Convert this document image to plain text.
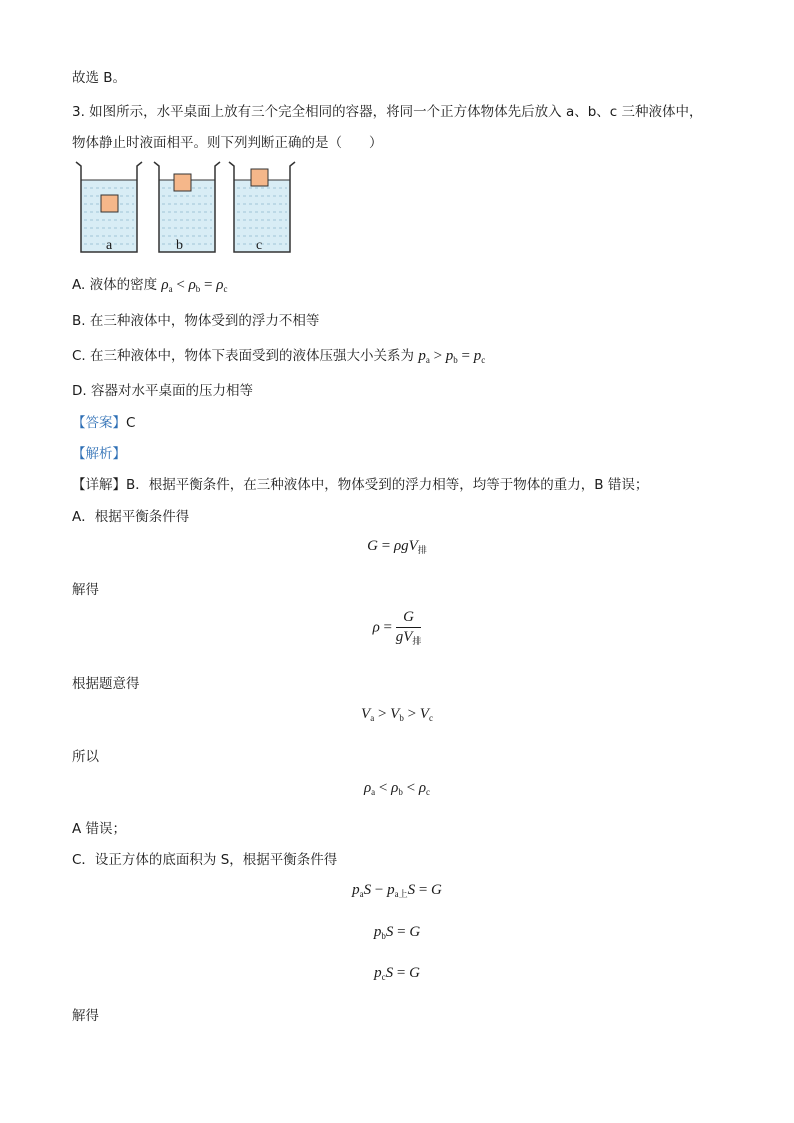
故选 B。
3. 如图所示，水平桌面上放有三个完全相同的容器，将同一个正方体物体先后放入 a、b、c 三种液体中，
物体静止时液面相平。则下列判断正确的是（　　）
a	b	c
A. 液体的密度 $\rho_a < \rho_b = \rho_c$
B. 在三种液体中，物体受到的浮力不相等
C. 在三种液体中，物体下表面受到的液体压强大小关系为 $p_a > p_b = p_c$
D. 容器对水平桌面的压力相等
【答案】C
【解析】
【详解】B．根据平衡条件，在三种液体中，物体受到的浮力相等，均等于物体的重力，B 错误；
A．根据平衡条件得
G = ρgV$_排$
解得
$\rho = \frac{G}{gV_排}$
根据题意得
$V_a > V_b > V_c$
所以
$\rho_a < \rho_b < \rho_c$
A 错误；
C．设正方体的底面积为 S，根据平衡条件得
$p_aS - p_{a上}S = G$
$p_bS = G$
$p_cS = G$
解得
